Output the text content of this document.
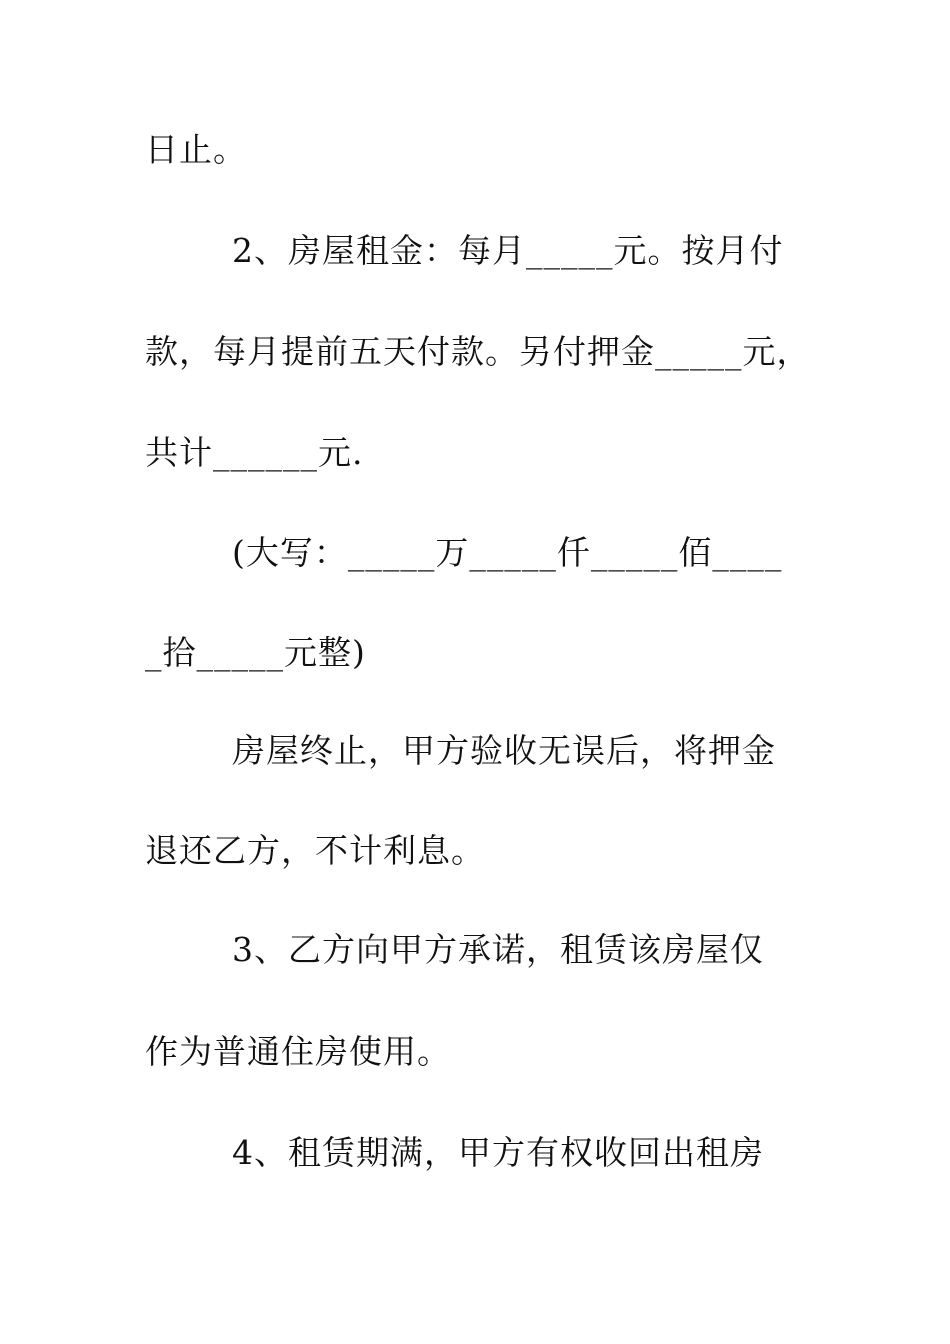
日止。
2、房屋租金：每月_____元。按月付
款，每月提前五天付款。另付押金_____元，
共计______元.
(大写：_____万_____仟_____佰____
_拾_____元整)
房屋终止，甲方验收无误后，将押金
退还乙方，不计利息。
3、乙方向甲方承诺，租赁该房屋仅
作为普通住房使用。
4、租赁期满，甲方有权收回出租房
